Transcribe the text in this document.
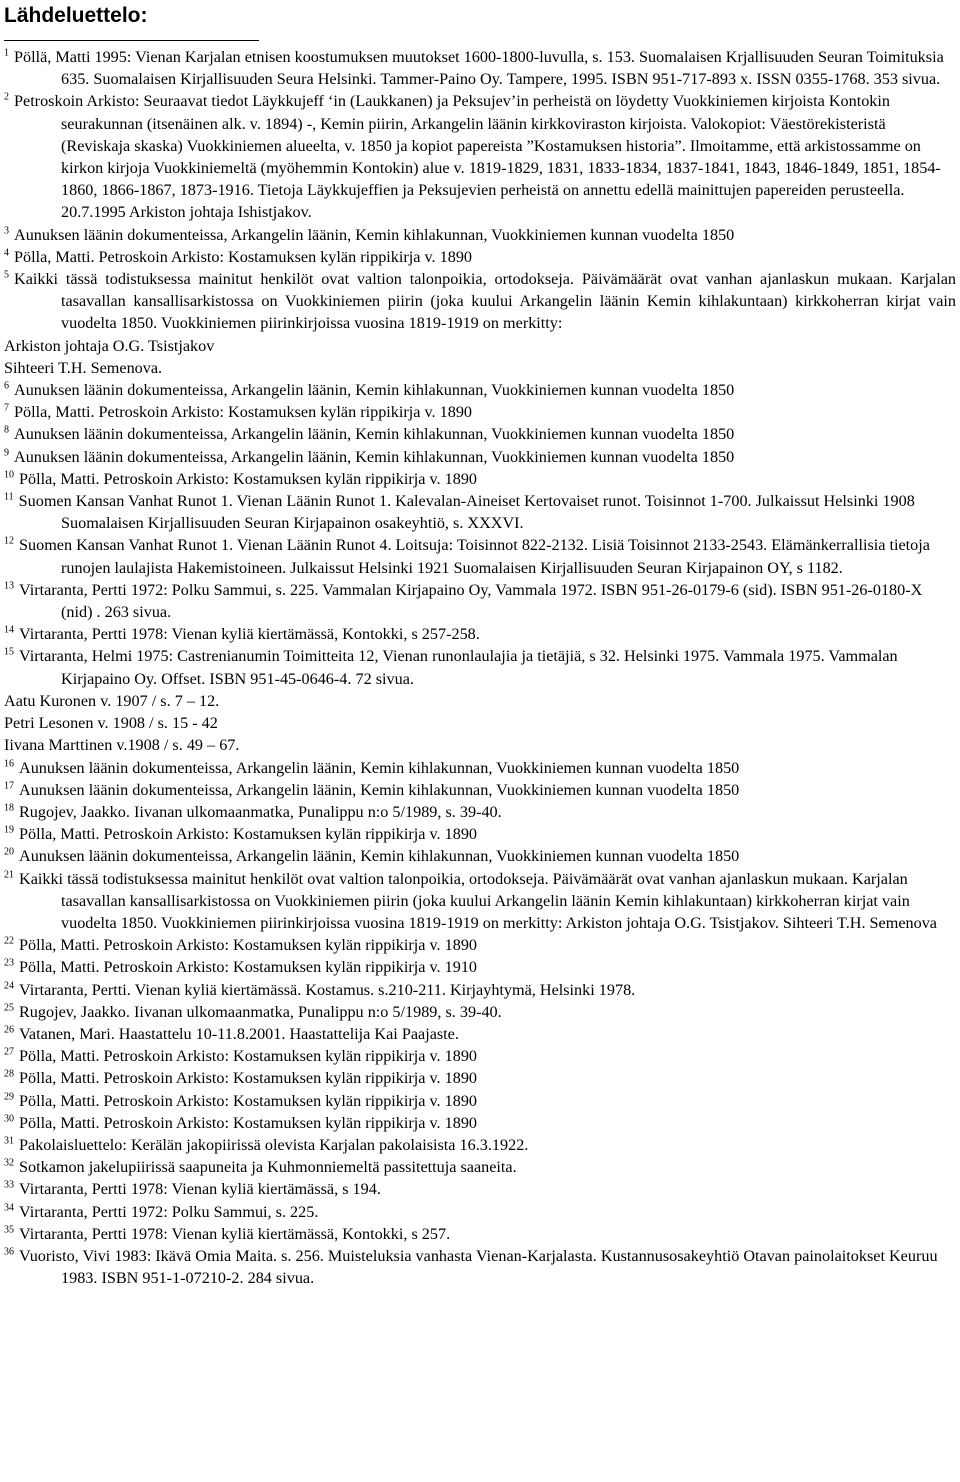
Lähdeluettelo:
$^1$ Pöllä, Matti 1995: Vienan Karjalan etnisen koostumuksen muutokset 1600-1800-luvulla, s. 153. Suomalaisen Krjallisuuden Seuran Toimituksia 635. Suomalaisen Kirjallisuuden Seura Helsinki. Tammer-Paino Oy. Tampere, 1995. ISBN 951-717-893 x. ISSN 0355-1768. 353 sivua.
$^2$ Petroskoin Arkisto: Seuraavat tiedot Läykkujeff ‘in (Laukkanen) ja Peksujev’in perheistä on löydetty Vuokkiniemen kirjoista Kontokin seurakunnan (itsenäinen alk. v. 1894) -, Kemin piirin, Arkangelin läänin kirkkoviraston kirjoista. Valokopiot: Väestörekisteristä (Reviskaja skaska) Vuokkiniemen alueelta, v. 1850 ja kopiot papereista ”Kostamuksen historia”. Ilmoitamme, että arkistossamme on kirkon kirjoja Vuokkiniemeltä (myöhemmin Kontokin) alue v. 1819-1829, 1831, 1833-1834, 1837-1841, 1843, 1846-1849, 1851, 1854-1860, 1866-1867, 1873-1916. Tietoja Läykkujeffien ja Peksujevien perheistä on annettu edellä mainittujen papereiden perusteella. 20.7.1995 Arkiston johtaja Ishistjakov.
$^3$ Aunuksen läänin dokumenteissa, Arkangelin läänin, Kemin kihlakunnan, Vuokkiniemen kunnan vuodelta 1850
$^4$ Pölla, Matti. Petroskoin Arkisto: Kostamuksen kylän rippikirja v. 1890
$^5$ Kaikki tässä todistuksessa mainitut henkilöt ovat valtion talonpoikia, ortodokseja. Päivämäärät ovat vanhan ajanlaskun mukaan. Karjalan tasavallan kansallisarkistossa on Vuokkiniemen piirin (joka kuului Arkangelin läänin Kemin kihlakuntaan) kirkkoherran kirjat vain vuodelta 1850. Vuokkiniemen piirinkirjoissa vuosina 1819-1919 on merkitty:
Arkiston johtaja O.G. Tsistjakov
Sihteeri T.H. Semenova.
$^6$ Aunuksen läänin dokumenteissa, Arkangelin läänin, Kemin kihlakunnan, Vuokkiniemen kunnan vuodelta 1850
$^7$ Pölla, Matti. Petroskoin Arkisto: Kostamuksen kylän rippikirja v. 1890
$^8$ Aunuksen läänin dokumenteissa, Arkangelin läänin, Kemin kihlakunnan, Vuokkiniemen kunnan vuodelta 1850
$^9$ Aunuksen läänin dokumenteissa, Arkangelin läänin, Kemin kihlakunnan, Vuokkiniemen kunnan vuodelta 1850
$^{10}$ Pölla, Matti. Petroskoin Arkisto: Kostamuksen kylän rippikirja v. 1890
$^{11}$ Suomen Kansan Vanhat Runot 1. Vienan Läänin Runot 1. Kalevalan-Aineiset Kertovaiset runot. Toisinnot 1-700. Julkaissut Helsinki 1908 Suomalaisen Kirjallisuuden Seuran Kirjapainon osakeyhtiö, s. XXXVI.
$^{12}$ Suomen Kansan Vanhat Runot 1. Vienan Läänin Runot 4. Loitsuja: Toisinnot 822-2132. Lisiä Toisinnot 2133-2543. Elämänkerrallisia tietoja runojen laulajista Hakemistoineen. Julkaissut Helsinki 1921 Suomalaisen Kirjallisuuden Seuran Kirjapainon OY, s 1182.
$^{13}$ Virtaranta, Pertti 1972: Polku Sammui, s. 225. Vammalan Kirjapaino Oy, Vammala 1972. ISBN 951-26-0179-6 (sid). ISBN 951-26-0180-X (nid) . 263 sivua.
$^{14}$ Virtaranta, Pertti 1978: Vienan kyliä kiertämässä, Kontokki, s 257-258.
$^{15}$ Virtaranta, Helmi 1975: Castrenianumin Toimitteita 12, Vienan runonlaulajia ja tietäjiä, s 32. Helsinki 1975. Vammala 1975. Vammalan Kirjapaino Oy. Offset. ISBN 951-45-0646-4. 72 sivua.
Aatu Kuronen v. 1907 / s. 7 – 12.
Petri Lesonen v. 1908 / s. 15 - 42
Iivana Marttinen v.1908 / s. 49 – 67.
$^{16}$ Aunuksen läänin dokumenteissa, Arkangelin läänin, Kemin kihlakunnan, Vuokkiniemen kunnan vuodelta 1850
$^{17}$ Aunuksen läänin dokumenteissa, Arkangelin läänin, Kemin kihlakunnan, Vuokkiniemen kunnan vuodelta 1850
$^{18}$ Rugojev, Jaakko. Iivanan ulkomaanmatka, Punalippu n:o 5/1989, s. 39-40.
$^{19}$ Pölla, Matti. Petroskoin Arkisto: Kostamuksen kylän rippikirja v. 1890
$^{20}$ Aunuksen läänin dokumenteissa, Arkangelin läänin, Kemin kihlakunnan, Vuokkiniemen kunnan vuodelta 1850
$^{21}$ Kaikki tässä todistuksessa mainitut henkilöt ovat valtion talonpoikia, ortodokseja. Päivämäärät ovat vanhan ajanlaskun mukaan. Karjalan tasavallan kansallisarkistossa on Vuokkiniemen piirin (joka kuului Arkangelin läänin Kemin kihlakuntaan) kirkkoherran kirjat vain vuodelta 1850. Vuokkiniemen piirinkirjoissa vuosina 1819-1919 on merkitty: Arkiston johtaja O.G. Tsistjakov. Sihteeri T.H. Semenova
$^{22}$ Pölla, Matti. Petroskoin Arkisto: Kostamuksen kylän rippikirja v. 1890
$^{23}$ Pölla, Matti. Petroskoin Arkisto: Kostamuksen kylän rippikirja v. 1910
$^{24}$ Virtaranta, Pertti. Vienan kyliä kiertämässä. Kostamus. s.210-211. Kirjayhtymä, Helsinki 1978.
$^{25}$ Rugojev, Jaakko. Iivanan ulkomaanmatka, Punalippu n:o 5/1989, s. 39-40.
$^{26}$ Vatanen, Mari. Haastattelu 10-11.8.2001. Haastattelija Kai Paajaste.
$^{27}$ Pölla, Matti. Petroskoin Arkisto: Kostamuksen kylän rippikirja v. 1890
$^{28}$ Pölla, Matti. Petroskoin Arkisto: Kostamuksen kylän rippikirja v. 1890
$^{29}$ Pölla, Matti. Petroskoin Arkisto: Kostamuksen kylän rippikirja v. 1890
$^{30}$ Pölla, Matti. Petroskoin Arkisto: Kostamuksen kylän rippikirja v. 1890
$^{31}$ Pakolaisluettelo: Kerälän jakopiirissä olevista Karjalan pakolaisista 16.3.1922.
$^{32}$ Sotkamon jakelupiirissä saapuneita ja Kuhmonniemeltä passitettuja saaneita.
$^{33}$ Virtaranta, Pertti 1978: Vienan kyliä kiertämässä, s 194.
$^{34}$ Virtaranta, Pertti 1972: Polku Sammui, s. 225.
$^{35}$ Virtaranta, Pertti 1978: Vienan kyliä kiertämässä, Kontokki, s 257.
$^{36}$ Vuoristo, Vivi 1983: Ikävä Omia Maita. s. 256. Muisteluksia vanhasta Vienan-Karjalasta. Kustannusosakeyhtiö Otavan painolaitokset Keuruu 1983. ISBN 951-1-07210-2. 284 sivua.
